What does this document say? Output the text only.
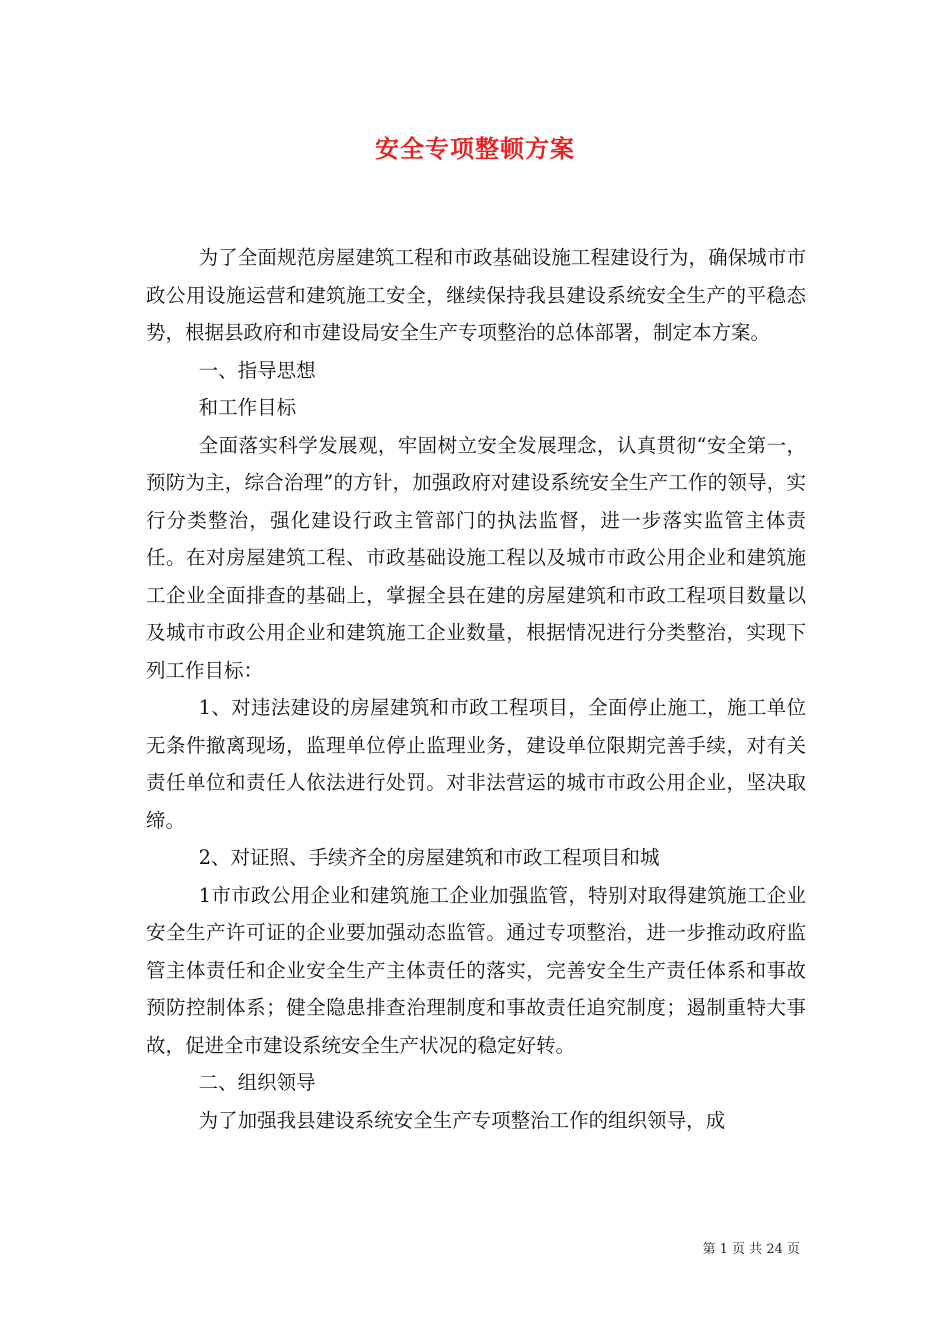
安全专项整顿方案

为了全面规范房屋建筑工程和市政基础设施工程建设行为，确保城市市政公用设施运营和建筑施工安全，继续保持我县建设系统安全生产的平稳态势，根据县政府和市建设局安全生产专项整治的总体部署，制定本方案。

一、指导思想

和工作目标

全面落实科学发展观，牢固树立安全发展理念，认真贯彻“安全第一，预防为主，综合治理”的方针，加强政府对建设系统安全生产工作的领导，实行分类整治，强化建设行政主管部门的执法监督，进一步落实监管主体责任。在对房屋建筑工程、市政基础设施工程以及城市市政公用企业和建筑施工企业全面排查的基础上，掌握全县在建的房屋建筑和市政工程项目数量以及城市市政公用企业和建筑施工企业数量，根据情况进行分类整治，实现下列工作目标：

1、对违法建设的房屋建筑和市政工程项目，全面停止施工，施工单位无条件撤离现场，监理单位停止监理业务，建设单位限期完善手续，对有关责任单位和责任人依法进行处罚。对非法营运的城市市政公用企业，坚决取缔。

2、对证照、手续齐全的房屋建筑和市政工程项目和城

1市市政公用企业和建筑施工企业加强监管，特别对取得建筑施工企业安全生产许可证的企业要加强动态监管。通过专项整治，进一步推动政府监管主体责任和企业安全生产主体责任的落实，完善安全生产责任体系和事故预防控制体系；健全隐患排查治理制度和事故责任追究制度；遏制重特大事故，促进全市建设系统安全生产状况的稳定好转。

二、组织领导

为了加强我县建设系统安全生产专项整治工作的组织领导，成

第 1 页 共 24 页
